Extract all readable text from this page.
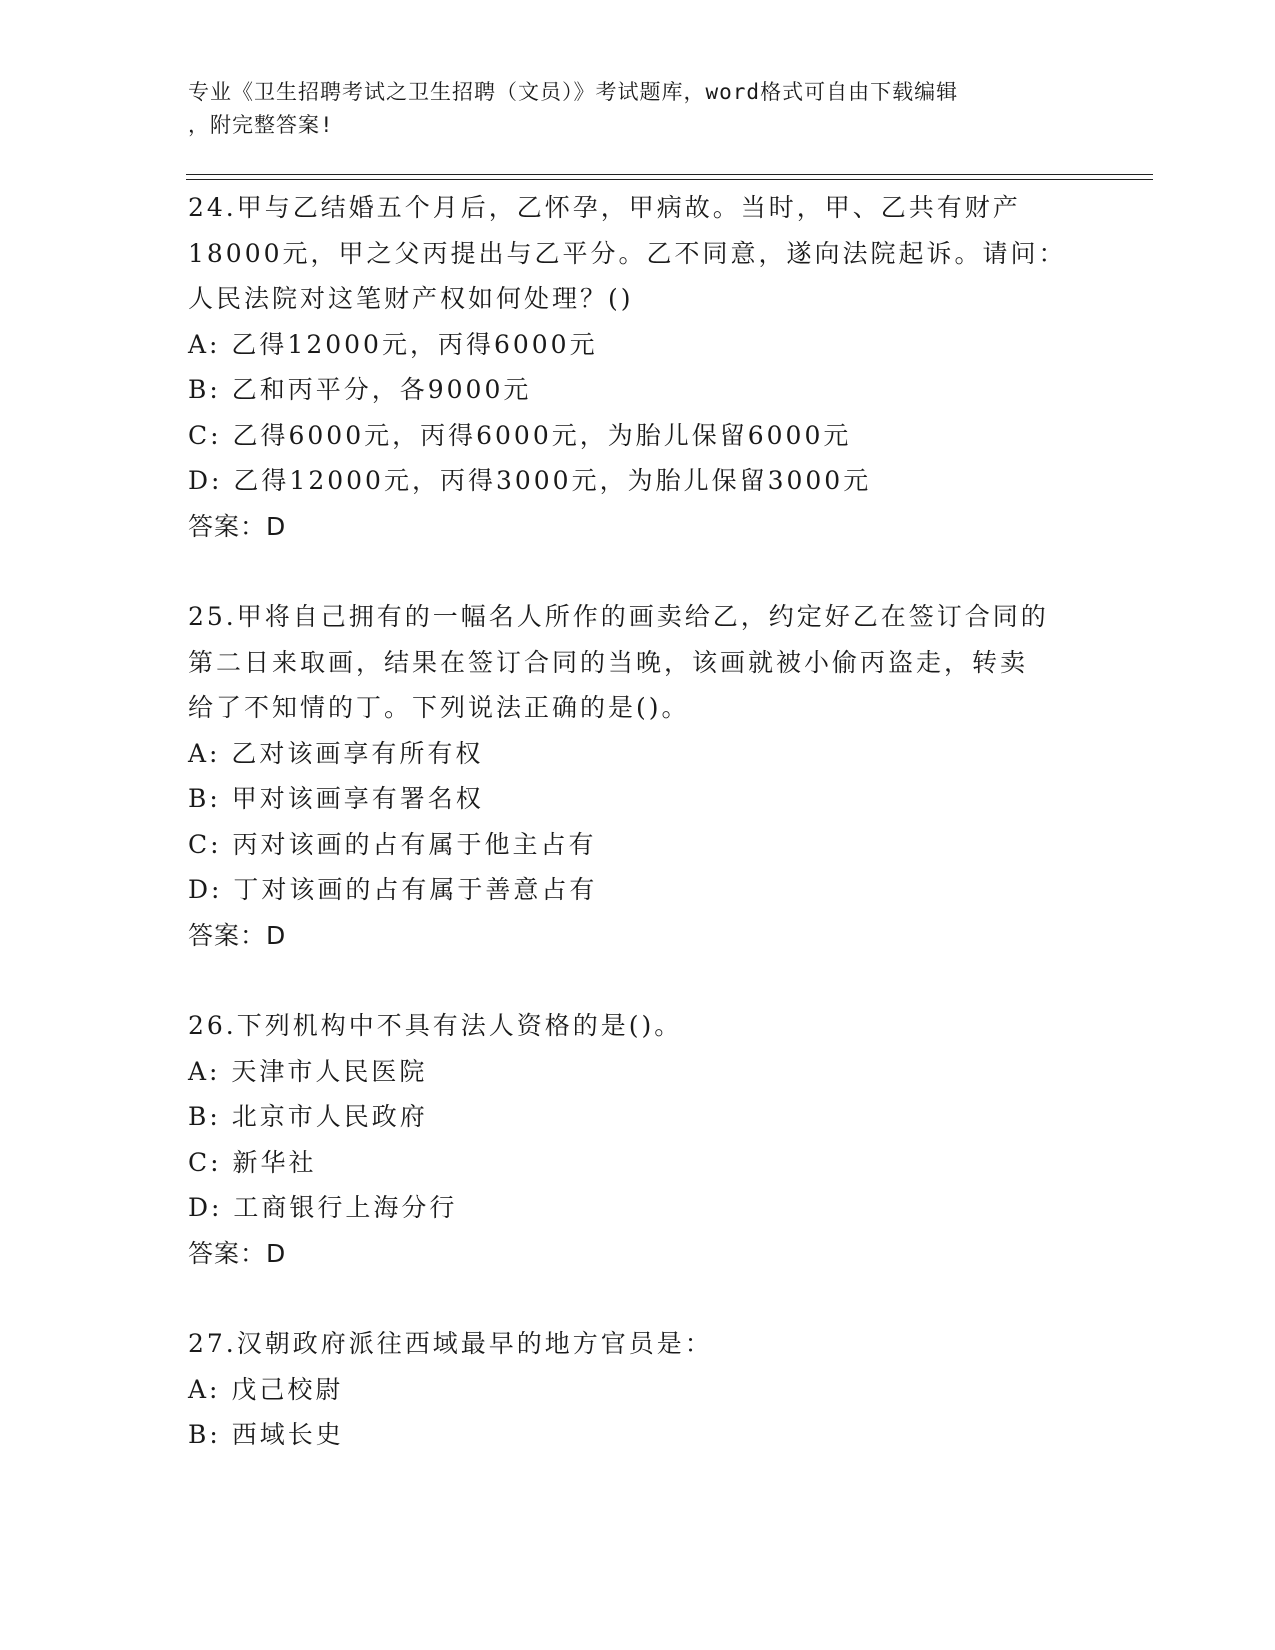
专业《卫生招聘考试之卫生招聘（文员）》考试题库，word格式可自由下载编辑
，附完整答案!
24.甲与乙结婚五个月后，乙怀孕，甲病故。当时，甲、乙共有财产
18000元，甲之父丙提出与乙平分。乙不同意，遂向法院起诉。请问：
人民法院对这笔财产权如何处理？()
A: 乙得12000元，丙得6000元
B: 乙和丙平分，各9000元
C: 乙得6000元，丙得6000元，为胎儿保留6000元
D: 乙得12000元，丙得3000元，为胎儿保留3000元
答案：D
25.甲将自己拥有的一幅名人所作的画卖给乙，约定好乙在签订合同的
第二日来取画，结果在签订合同的当晚，该画就被小偷丙盗走，转卖
给了不知情的丁。下列说法正确的是()。
A: 乙对该画享有所有权
B: 甲对该画享有署名权
C: 丙对该画的占有属于他主占有
D: 丁对该画的占有属于善意占有
答案：D
26.下列机构中不具有法人资格的是()。
A: 天津市人民医院
B: 北京市人民政府
C: 新华社
D: 工商银行上海分行
答案：D
27.汉朝政府派往西域最早的地方官员是：
A: 戊己校尉
B: 西域长史
